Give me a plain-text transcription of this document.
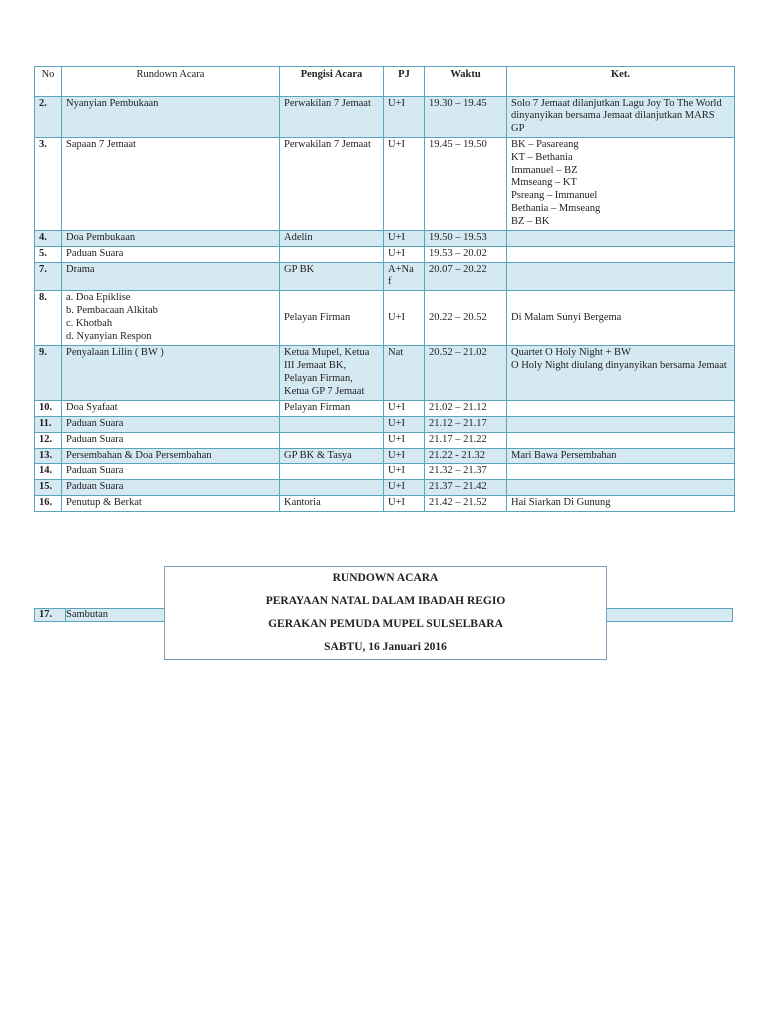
No
.	Rundown Acara	Pengisi Acara	PJ	Waktu	Ket.
2.	Nyanyian Pembukaan	Perwakilan 7 Jemaat	U+I	19.30 – 19.45	Solo 7 Jemaat dilanjutkan Lagu Joy To The World dinyanyikan bersama Jemaat dilanjutkan MARS GP

3.	Sapaan 7 Jemaat	Perwakilan 7 Jemaat	U+I	19.45 – 19.50	BK – Pasareang
KT – Bethania
Immanuel – BZ
Mmseang – KT
Psreang – Immanuel
Bethania – Mmseang
BZ – BK

4.	Doa Pembukaan	Adelin	U+I	19.50 – 19.53	

5.	Paduan Suara		U+I	19.53 – 20.02	

7.	Drama	GP BK	A+Na
f	20.07 – 20.22	

8.	a. Doa Epiklise
b. Pembacaan Alkitab
c. Khotbah
d. Nyanyian Respon	Pelayan Firman	U+I	20.22 – 20.52	Di Malam Sunyi Bergema

9.	Penyalaan Lilin ( BW )	Ketua Mupel, Ketua
III Jemaat BK,
Pelayan Firman,
Ketua GP 7 Jemaat	Nat	20.52 – 21.02	Quartet O Holy Night + BW
O Holy Night diulang dinyanyikan bersama Jemaat

10.	Doa Syafaat	Pelayan Firman	U+I	21.02 – 21.12	

11.	Paduan Suara		U+I	21.12 – 21.17	

12.	Paduan Suara		U+I	21.17 – 21.22	

13.	Persembahan & Doa Persembahan	GP BK & Tasya	U+I	21.22 - 21.32	Mari Bawa Persembahan

14.	Paduan Suara		U+I	21.32 – 21.37	

15.	Paduan Suara		U+I	21.37 – 21.42	

16.	Penutup & Berkat	Kantoria	U+I	21.42 – 21.52	Hai Siarkan Di Gunung
17.	Sambutan
RUNDOWN ACARA
PERAYAAN NATAL DALAM IBADAH REGIO
GERAKAN PEMUDA MUPEL SULSELBARA
SABTU, 16 Januari 2016
